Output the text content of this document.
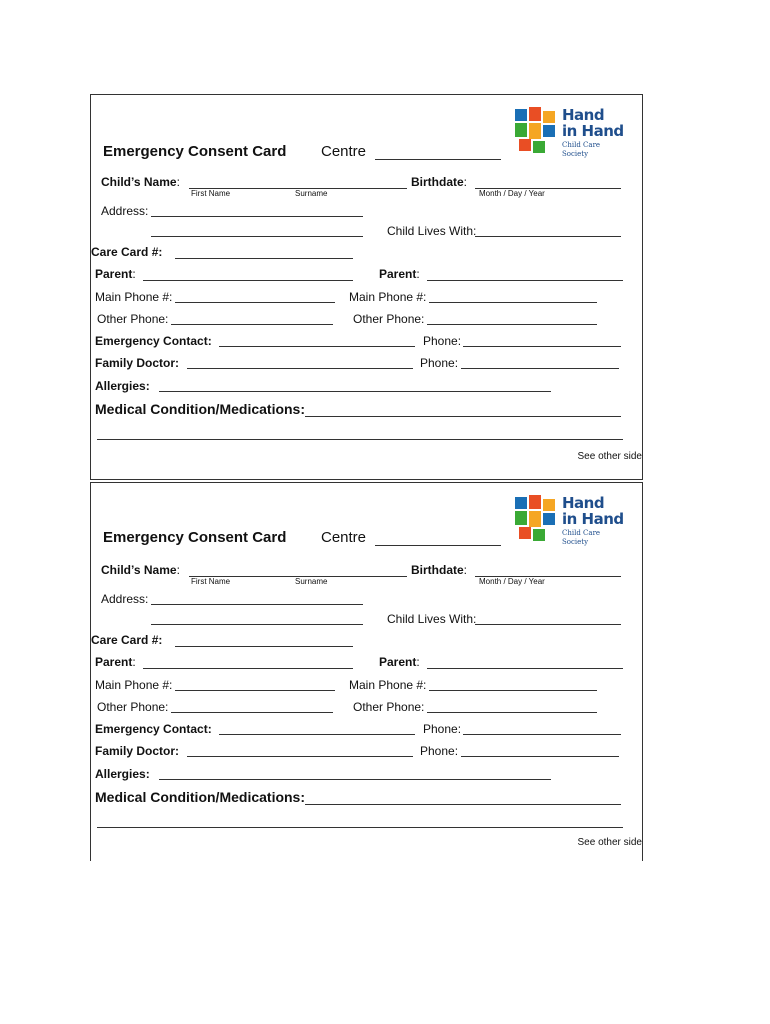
Hand
in Hand
Child Care Society
Emergency Consent Card Centre
Child’s Name:
First Name	Surname
Birthdate:
Month / Day / Year
Address:
Child Lives With:
Care Card #:
Parent:	Parent:
Main Phone #:	Main Phone #:
Other Phone:	Other Phone:
Emergency Contact:	Phone:
Family Doctor:	Phone:
Allergies:
Medical Condition/Medications:
See other side
Hand
in Hand
Child Care Society
Emergency Consent Card Centre
Child’s Name:
First Name	Surname
Birthdate:
Month / Day / Year
Address:
Child Lives With:
Care Card #:
Parent:	Parent:
Main Phone #:	Main Phone #:
Other Phone:	Other Phone:
Emergency Contact:	Phone:
Family Doctor:	Phone:
Allergies:
Medical Condition/Medications:
See other side
